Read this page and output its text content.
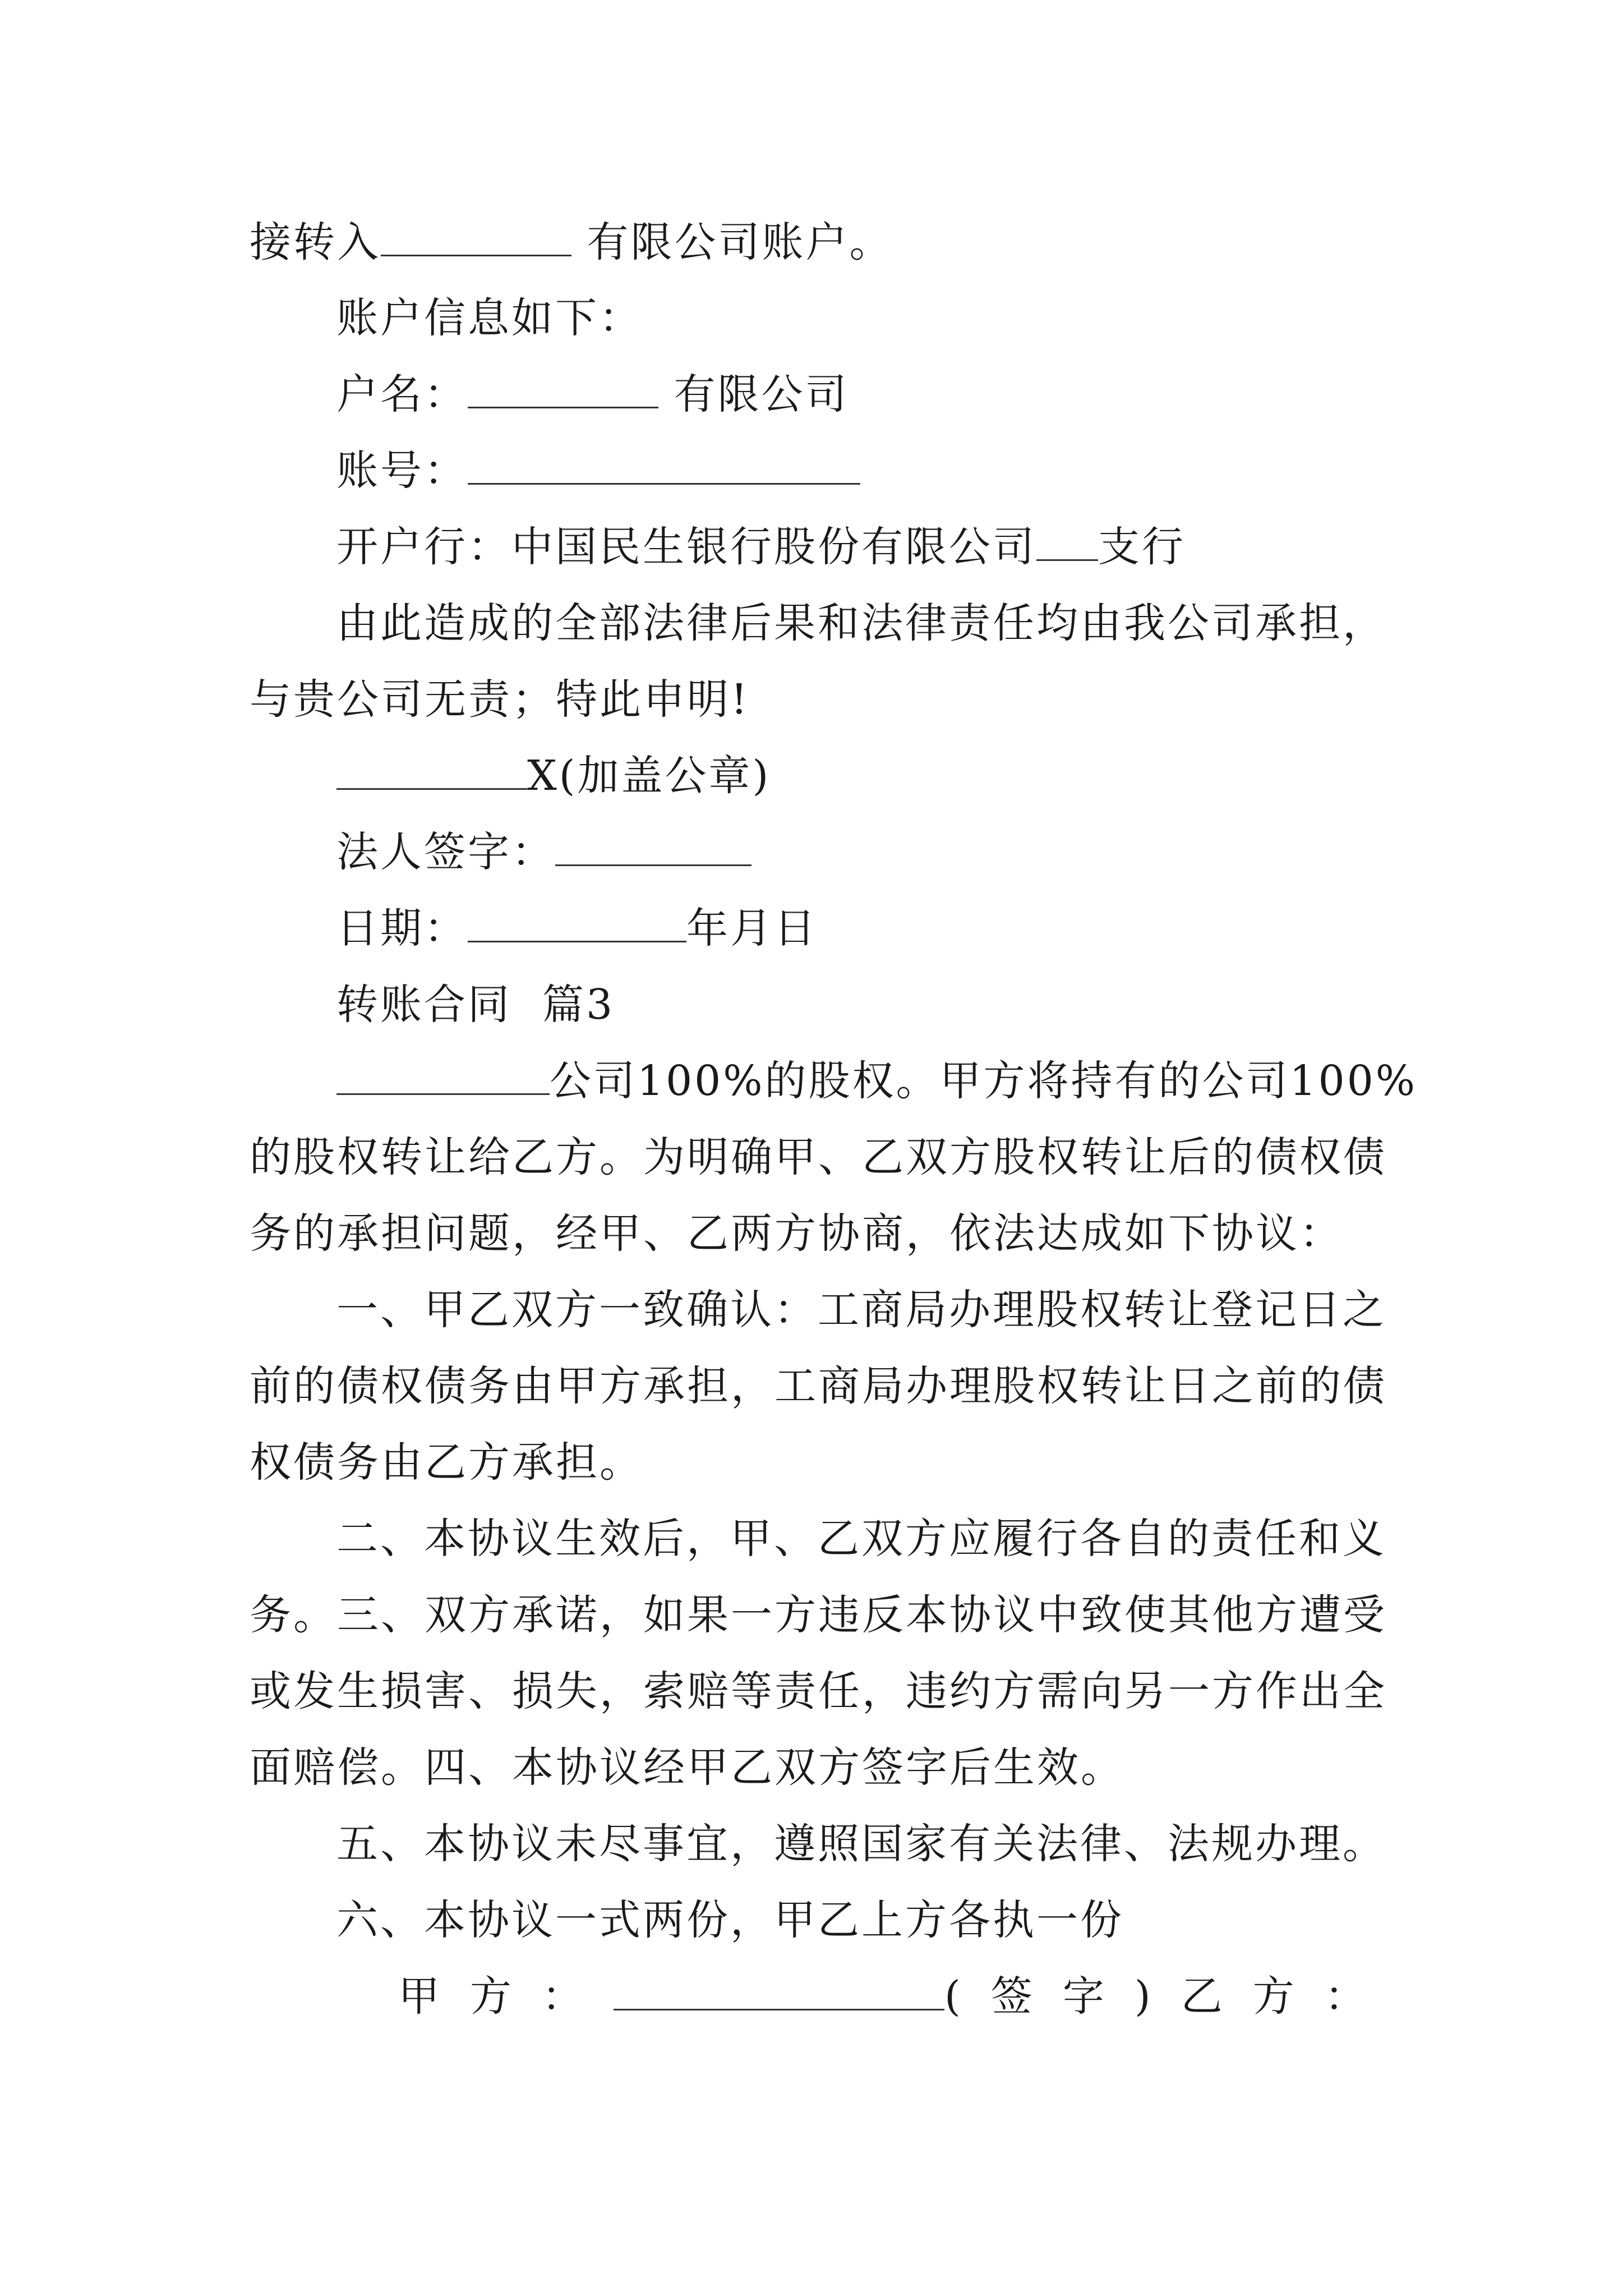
接转入	有限公司账户。
账户信息如下：
户名：	有限公司
账号：
开户行：中国民生银行股份有限公司 支行
由此造成的全部法律后果和法律责任均由我公司承担，
与贵公司无责；特此申明!
X(加盖公章)
法人签字：
日期：	年月日
转账合同  篇3
公司100%的股权。甲方将持有的公司100%
的股权转让给乙方。为明确甲、乙双方股权转让后的债权债
务的承担问题，经甲、乙两方协商，依法达成如下协议：
一、甲乙双方一致确认：工商局办理股权转让登记日之
前的债权债务由甲方承担，工商局办理股权转让日之前的债
权债务由乙方承担。
二、本协议生效后，甲、乙双方应履行各自的责任和义
务。三、双方承诺，如果一方违反本协议中致使其他方遭受
或发生损害、损失，索赔等责任，违约方需向另一方作出全
面赔偿。四、本协议经甲乙双方签字后生效。
五、本协议未尽事宜，遵照国家有关法律、法规办理。
六、本协议一式两份，甲乙上方各执一份
甲方：	(签字)乙方：
